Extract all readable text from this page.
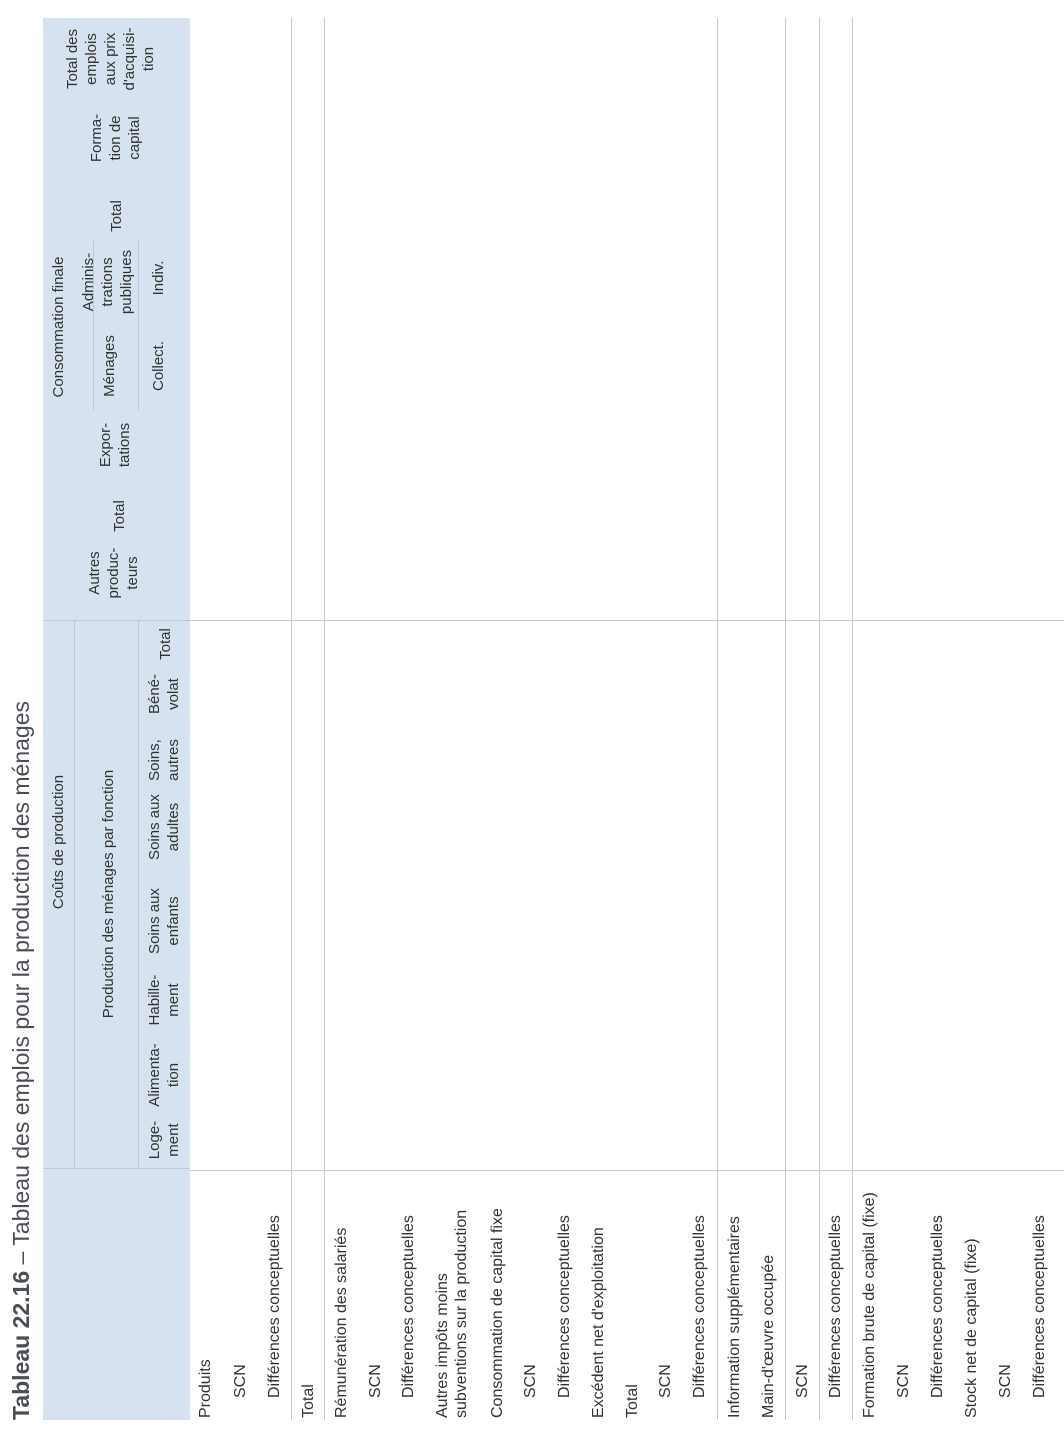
Tableau 22.16 – Tableau des emplois pour la production des ménages Coûts de production Production des ménages par fonction
Loge-
ment
Alimenta-
tion
Habille-
ment
Soins aux
enfants
Soins aux
adultes
Soins,
autres
Béné-
volat
Total
Autres
produc-
teurs
Total
Expor-
tations
Consommation finale Ménages
Adminis-
trations
publiques
Collect.
Indiv.
Total
Forma-
tion de
capital
Total des
emplois
aux prix
d'acquisi-
tion
Produits SCN Différences conceptuelles
Total Rémunération des salariés SCN Différences conceptuelles Autres impôts moins
subventions sur la production Consommation de capital fixe SCN Différences conceptuelles Excédent net d'exploitation Total
SCN Différences conceptuelles Information supplémentaires Main-d'œuvre occupée SCN Différences conceptuelles Formation brute de capital (fixe) SCN Différences conceptuelles Stock net de capital (fixe) SCN Différences conceptuelles
